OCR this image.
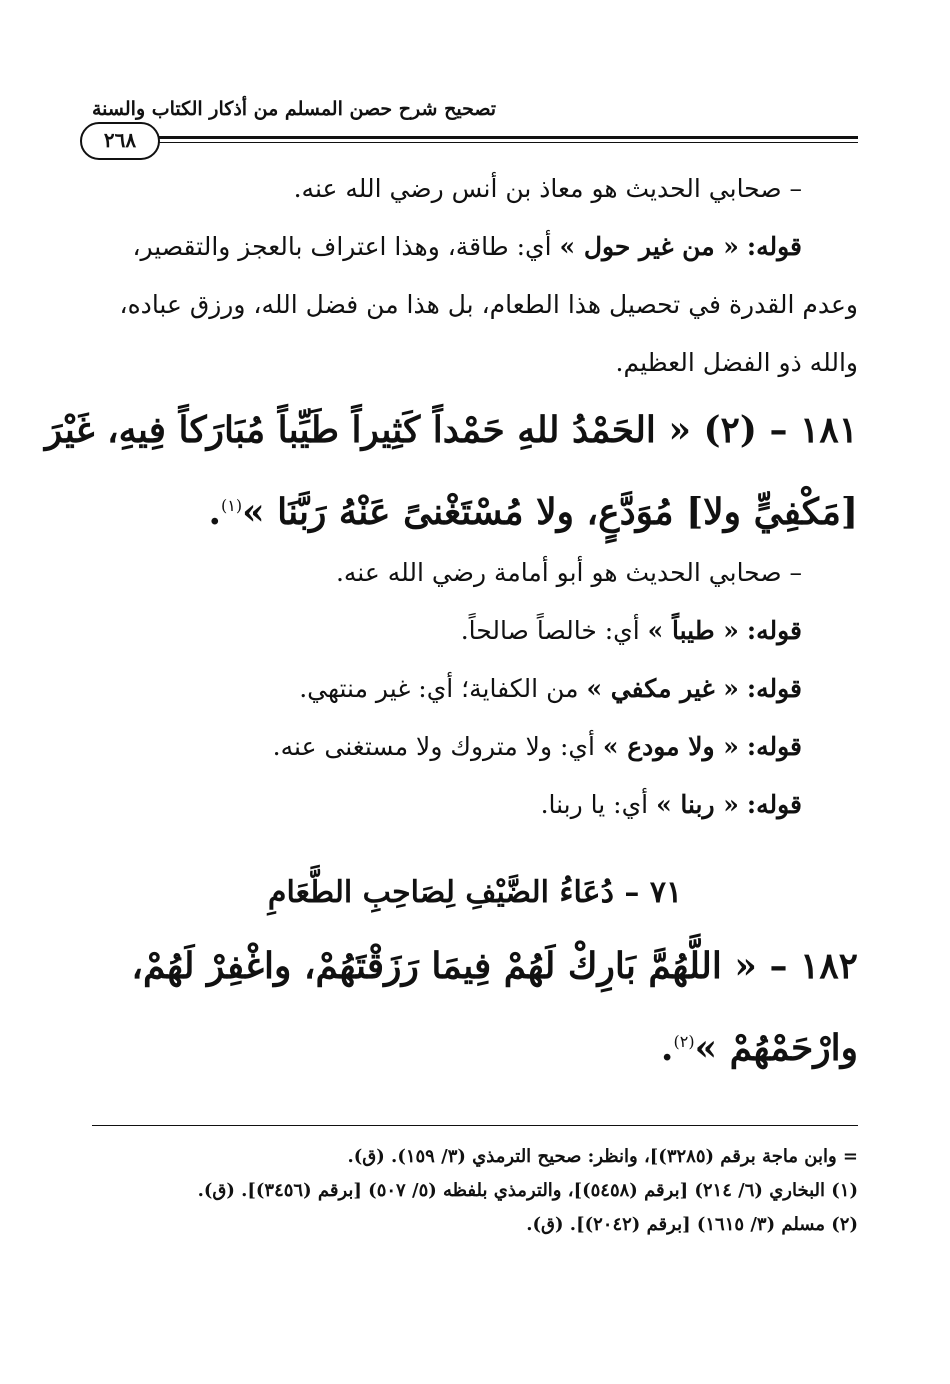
تصحيح شرح حصن المسلم من أذكار الكتاب والسنة
٢٦٨
– صحابي الحديث هو معاذ بن أنس رضي الله عنه.
قوله: « من غير حول » أي: طاقة، وهذا اعتراف بالعجز والتقصير،
وعدم القدرة في تحصيل هذا الطعام، بل هذا من فضل الله، ورزق عباده،
والله ذو الفضل العظيم.
١٨١ – (٢) « الحَمْدُ للهِ حَمْداً كَثِيراً طَيِّباً مُبَارَكاً فِيهِ، غَيْرَ
[مَكْفِيٍّ ولا] مُوَدَّعٍ، ولا مُسْتَغْنىً عَنْهُ رَبَّنَا »$^{(١)}$.
– صحابي الحديث هو أبو أمامة رضي الله عنه.
قوله: « طيباً » أي: خالصاً صالحاً.
قوله: « غير مكفي » من الكفاية؛ أي: غير منتهي.
قوله: « ولا مودع » أي: ولا متروك ولا مستغنى عنه.
قوله: « ربنا » أي: يا ربنا.
٧١ – دُعَاءُ الضَّيْفِ لِصَاحِبِ الطَّعَامِ
١٨٢ – « اللَّهُمَّ بَارِكْ لَهُمْ فِيمَا رَزَقْتَهُمْ، واغْفِرْ لَهُمْ،
وارْحَمْهُمْ »$^{(٢)}$.
= وابن ماجة برقم (٣٢٨٥)]، وانظر: صحيح الترمذي (٣/ ١٥٩). (ق).
(١) البخاري (٦/ ٢١٤) [برقم (٥٤٥٨)]، والترمذي بلفظه (٥/ ٥٠٧) [برقم (٣٤٥٦)]. (ق).
(٢) مسلم (٣/ ١٦١٥) [برقم (٢٠٤٢)]. (ق).
